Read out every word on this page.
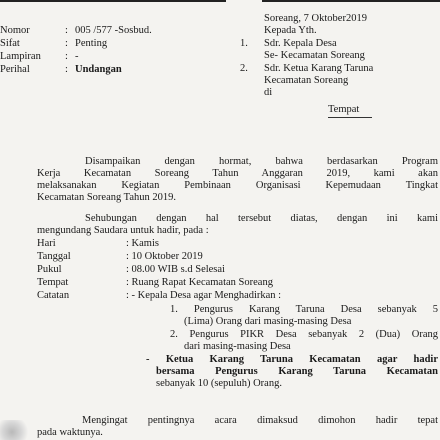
Soreang, 7 Oktober2019
Kepada Yth.
1. Sdr. Kepala Desa
Se- Kecamatan Soreang
2. Sdr. Ketua Karang Taruna
Kecamatan Soreang
di
Tempat
Nomor	: 005 /577 -Sosbud.
Sifat	: Penting
Lampiran : -
Perihal	: Undangan
Disampaikan dengan hormat, bahwa berdasarkan Program
Kerja Kecamatan Soreang Tahun Anggaran 2019, kami akan
melaksanakan Kegiatan Pembinaan Organisasi Kepemudaan Tingkat
Kecamatan Soreang Tahun 2019.
Sehubungan dengan hal tersebut diatas, dengan ini kami
mengundang Saudara untuk hadir, pada :
Hari	: Kamis
Tanggal	: 10 Oktober 2019
Pukul	: 08.00 WIB s.d Selesai
Tempat	: Ruang Rapat Kecamatan Soreang
Catatan	: - Kepala Desa agar Menghadirkan :
1. Pengurus Karang Taruna Desa sebanyak 5
(Lima) Orang dari masing-masing Desa
2. Pengurus PIKR Desa sebanyak 2 (Dua) Orang
dari masing-masing Desa
- Ketua Karang Taruna Kecamatan agar hadir
bersama Pengurus Karang Taruna Kecamatan
sebanyak 10 (sepuluh) Orang.
Mengingat pentingnya acara dimaksud dimohon hadir tepat
pada waktunya.
